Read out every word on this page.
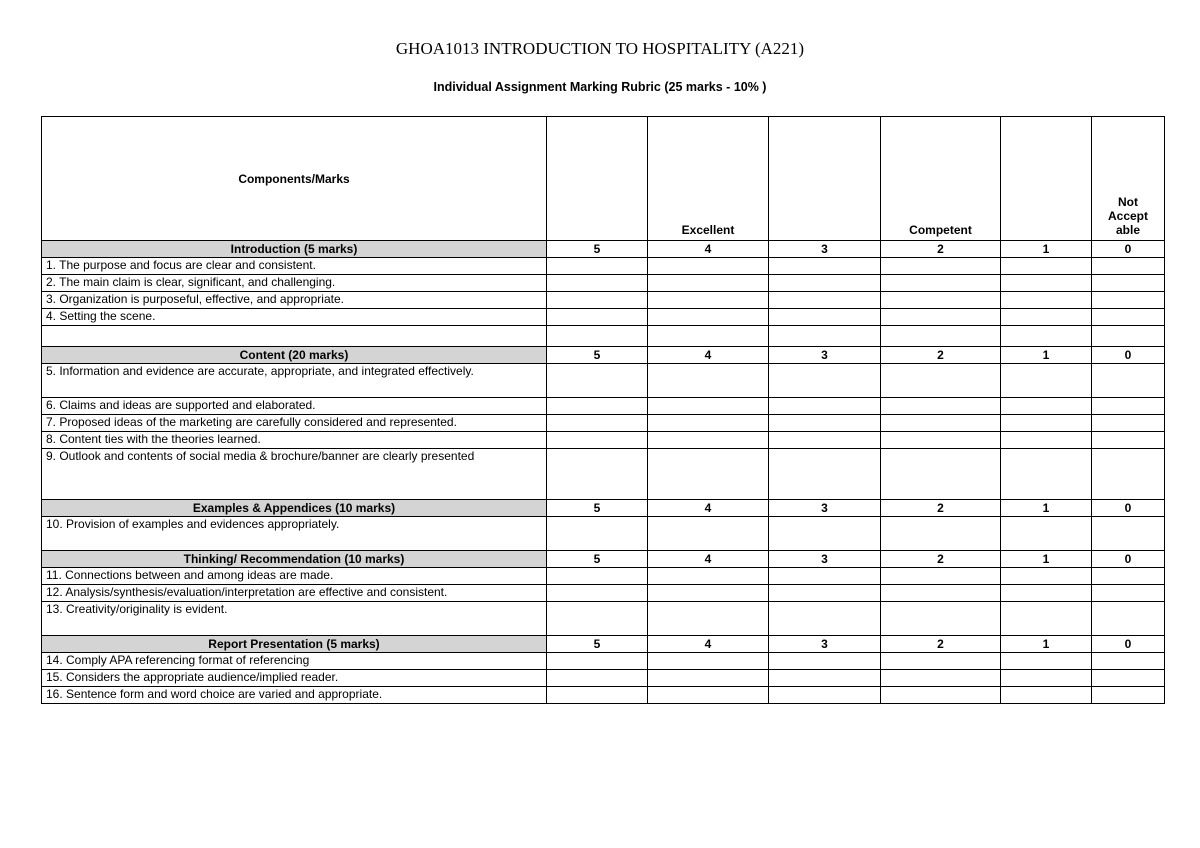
GHOA1013 INTRODUCTION TO HOSPITALITY (A221)
Individual Assignment Marking Rubric (25 marks - 10% )
Components/Marks		Excellent		Competent		Not
Accept
able
Introduction (5 marks)	5	4	3	2	1	0
1. The purpose and focus are clear and consistent.						
2. The main claim is clear, significant, and challenging.						
3. Organization is purposeful, effective, and appropriate.						
4. Setting the scene.						

Content (20 marks)	5	4	3	2	1	0
5. Information and evidence are accurate, appropriate, and integrated effectively.						
6. Claims and ideas are supported and elaborated.						
7. Proposed ideas of the marketing are carefully considered and represented.						
8. Content ties with the theories learned.						
9. Outlook and contents of social media & brochure/banner are clearly presented						
Examples & Appendices (10 marks)	5	4	3	2	1	0
10. Provision of examples and evidences appropriately.						
Thinking/ Recommendation (10 marks)	5	4	3	2	1	0
11. Connections between and among ideas are made.						
12. Analysis/synthesis/evaluation/interpretation are effective and consistent.						
13. Creativity/originality is evident.						
Report Presentation (5 marks)	5	4	3	2	1	0
14. Comply APA referencing format of referencing						
15. Considers the appropriate audience/implied reader.						
16. Sentence form and word choice are varied and appropriate.						
